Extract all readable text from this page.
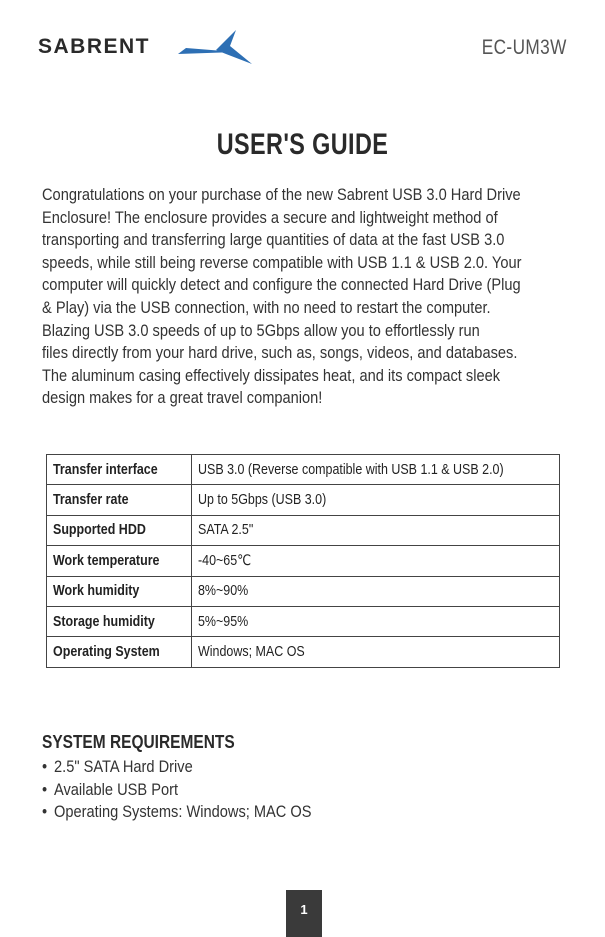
SABRENT	EC-UM3W
USER'S GUIDE
Congratulations on your purchase of the new Sabrent USB 3.0 Hard Drive
Enclosure! The enclosure provides a secure and lightweight method of
transporting and transferring large quantities of data at the fast USB 3.0
speeds, while still being reverse compatible with USB 1.1 & USB 2.0. Your
computer will quickly detect and configure the connected Hard Drive (Plug
& Play) via the USB connection, with no need to restart the computer.
Blazing USB 3.0 speeds of up to 5Gbps allow you to effortlessly run
files directly from your hard drive, such as, songs, videos, and databases.
The aluminum casing effectively dissipates heat, and its compact sleek
design makes for a great travel companion!
Transfer interface	USB 3.0 (Reverse compatible with USB 1.1 & USB 2.0)
Transfer rate	Up to 5Gbps (USB 3.0)
Supported HDD	SATA 2.5"
Work temperature	-40~65℃
Work humidity	8%~90%
Storage humidity	5%~95%
Operating System	Windows; MAC OS
SYSTEM REQUIREMENTS
• 2.5" SATA Hard Drive
• Available USB Port
• Operating Systems: Windows; MAC OS
1
